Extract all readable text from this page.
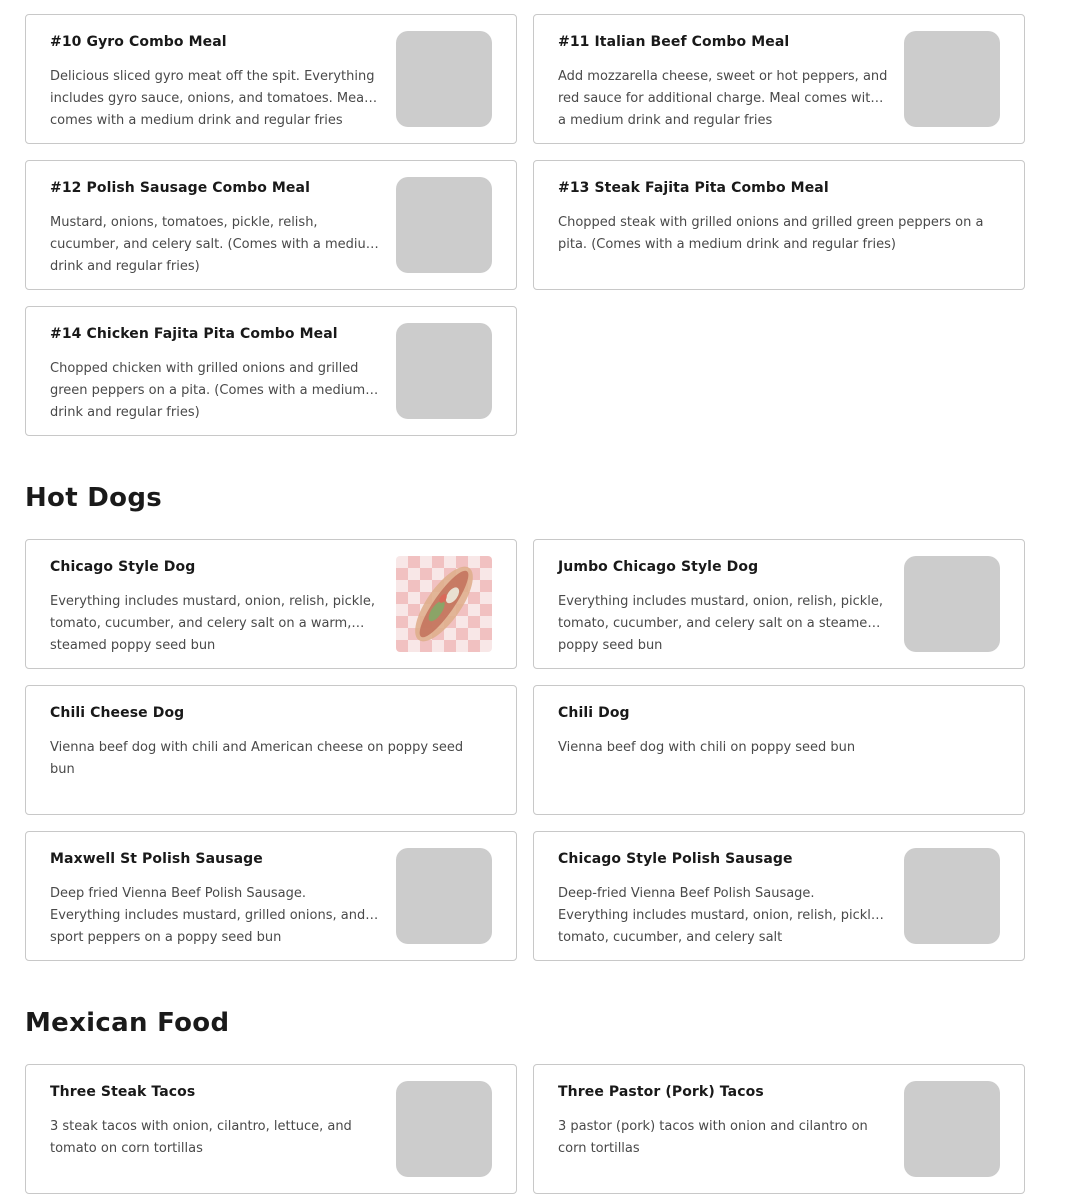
#10 Gyro Combo Meal
Delicious sliced gyro meat off the spit. Everything includes gyro sauce, onions, and tomatoes. Meal comes with a medium drink and regular fries
#11 Italian Beef Combo Meal
Add mozzarella cheese, sweet or hot peppers, and red sauce for additional charge. Meal comes with a medium drink and regular fries
#12 Polish Sausage Combo Meal
Mustard, onions, tomatoes, pickle, relish, cucumber, and celery salt. (Comes with a medium drink and regular fries)
#13 Steak Fajita Pita Combo Meal
Chopped steak with grilled onions and grilled green peppers on a pita. (Comes with a medium drink and regular fries)
#14 Chicken Fajita Pita Combo Meal
Chopped chicken with grilled onions and grilled green peppers on a pita. (Comes with a medium drink and regular fries)
Hot Dogs
Chicago Style Dog
Everything includes mustard, onion, relish, pickle, tomato, cucumber, and celery salt on a warm, steamed poppy seed bun
Jumbo Chicago Style Dog
Everything includes mustard, onion, relish, pickle, tomato, cucumber, and celery salt on a steamed poppy seed bun
Chili Cheese Dog
Vienna beef dog with chili and American cheese on poppy seed bun
Chili Dog
Vienna beef dog with chili on poppy seed bun
Maxwell St Polish Sausage
Deep fried Vienna Beef Polish Sausage. Everything includes mustard, grilled onions, and sport peppers on a poppy seed bun
Chicago Style Polish Sausage
Deep-fried Vienna Beef Polish Sausage. Everything includes mustard, onion, relish, pickle, tomato, cucumber, and celery salt
Mexican Food
Three Steak Tacos
3 steak tacos with onion, cilantro, lettuce, and tomato on corn tortillas
Three Pastor (Pork) Tacos
3 pastor (pork) tacos with onion and cilantro on corn tortillas
